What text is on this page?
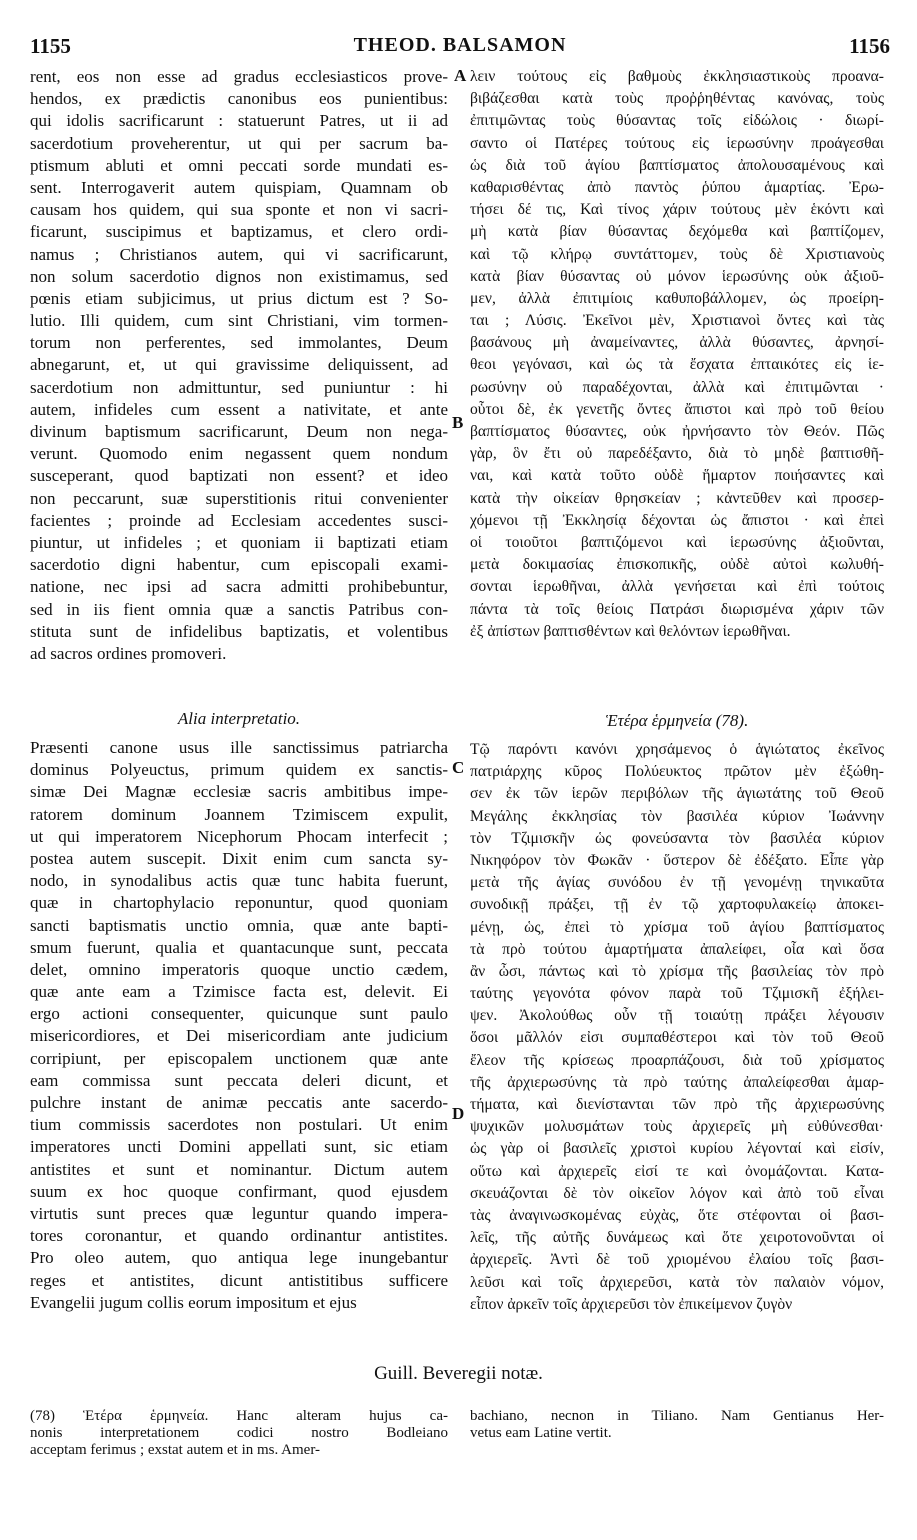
1155	THEOD. BALSAMON	1156
rent, eos non esse ad gradus ecclesiasticos prove-
hendos, ex prædictis canonibus eos punientibus:
qui idolis sacrificarunt : statuerunt Patres, ut ii ad
sacerdotium proveherentur, ut qui per sacrum ba-
ptismum abluti et omni peccati sorde mundati es-
sent. Interrogaverit autem quispiam, Quamnam ob
causam hos quidem, qui sua sponte et non vi sacri-
ficarunt, suscipimus et baptizamus, et clero ordi-
namus ; Christianos autem, qui vi sacrificarunt,
non solum sacerdotio dignos non existimamus, sed
pœnis etiam subjicimus, ut prius dictum est ? So-
lutio. Illi quidem, cum sint Christiani, vim tormen-
torum non perferentes, sed immolantes, Deum
abnegarunt, et, ut qui gravissime deliquissent, ad
sacerdotium non admittuntur, sed puniuntur : hi
autem, infideles cum essent a nativitate, et ante
divinum baptismum sacrificarunt, Deum non nega-
verunt. Quomodo enim negassent quem nondum
susceperant, quod baptizati non essent? et ideo
non peccarunt, suæ superstitionis ritui convenienter
facientes ; proinde ad Ecclesiam accedentes susci-
piuntur, ut infideles ; et quoniam ii baptizati etiam
sacerdotio digni habentur, cum episcopali exami-
natione, nec ipsi ad sacra admitti prohibebuntur,
sed in iis fient omnia quæ a sanctis Patribus con-
stituta sunt de infidelibus baptizatis, et volentibus
ad sacros ordines promoveri.
Alia interpretatio.
Præsenti canone usus ille sanctissimus patriarcha
dominus Polyeuctus, primum quidem ex sanctis-
simæ Dei Magnæ ecclesiæ sacris ambitibus impe-
ratorem dominum Joannem Tzimiscem expulit,
ut qui imperatorem Nicephorum Phocam interfecit ;
postea autem suscepit. Dixit enim cum sancta sy-
nodo, in synodalibus actis quæ tunc habita fuerunt,
quæ in chartophylacio reponuntur, quod quoniam
sancti baptismatis unctio omnia, quæ ante bapti-
smum fuerunt, qualia et quantacunque sunt, peccata
delet, omnino imperatoris quoque unctio cædem,
quæ ante eam a Tzimisce facta est, delevit. Ei
ergo actioni consequenter, quicunque sunt paulo
misericordiores, et Dei misericordiam ante judicium
corripiunt, per episcopalem unctionem quæ ante
eam commissa sunt peccata deleri dicunt, et
pulchre instant de animæ peccatis ante sacerdo-
tium commissis sacerdotes non postulari. Ut enim
imperatores uncti Domini appellati sunt, sic etiam
antistites et sunt et nominantur. Dictum autem
suum ex hoc quoque confirmant, quod ejusdem
virtutis sunt preces quæ leguntur quando impera-
tores coronantur, et quando ordinantur antistites.
Pro oleo autem, quo antiqua lege inungebantur
reges et antistites, dicunt antistitibus sufficere
Evangelii jugum collis eorum impositum et ejus
λειν τούτους εἰς βαθμοὺς ἐκκλησιαστικοὺς προανα-
βιβάζεσθαι κατὰ τοὺς προῤῥηθέντας κανόνας, τοὺς
ἐπιτιμῶντας τοὺς θύσαντας τοῖς εἰδώλοις · διωρί-
σαντο οἱ Πατέρες τούτους εἰς ἱερωσύνην προάγεσθαι
ὡς διὰ τοῦ ἁγίου βαπτίσματος ἀπολουσαμένους καὶ
καθαρισθέντας ἀπὸ παντὸς ῥύπου ἁμαρτίας. Ἐρω-
τήσει δέ τις, Καὶ τίνος χάριν τούτους μὲν ἑκόντι καὶ
μὴ κατὰ βίαν θύσαντας δεχόμεθα καὶ βαπτίζομεν,
καὶ τῷ κλήρῳ συντάττομεν, τοὺς δὲ Χριστιανοὺς
κατὰ βίαν θύσαντας οὐ μόνον ἱερωσύνης οὐκ ἀξιοῦ-
μεν, ἀλλὰ ἐπιτιμίοις καθυποβάλλομεν, ὡς προείρη-
ται ; Λύσις. Ἐκεῖνοι μὲν, Χριστιανοὶ ὄντες καὶ τὰς
βασάνους μὴ ἀναμείναντες, ἀλλὰ θύσαντες, ἀρνησί-
θεοι γεγόνασι, καὶ ὡς τὰ ἔσχατα ἐπταικότες εἰς ἱε-
ρωσύνην οὐ παραδέχονται, ἀλλὰ καὶ ἐπιτιμῶνται ·
οὗτοι δὲ, ἐκ γενετῆς ὄντες ἄπιστοι καὶ πρὸ τοῦ θείου
βαπτίσματος θύσαντες, οὐκ ἠρνήσαντο τὸν Θεόν. Πῶς
γὰρ, ὃν ἔτι οὐ παρεδέξαντο, διὰ τὸ μηδὲ βαπτισθῆ-
ναι, καὶ κατὰ τοῦτο οὐδὲ ἥμαρτον ποιήσαντες καὶ
κατὰ τὴν οἰκείαν θρησκείαν ; κἀντεῦθεν καὶ προσερ-
χόμενοι τῇ Ἐκκλησίᾳ δέχονται ὡς ἄπιστοι · καὶ ἐπεὶ
οἱ τοιοῦτοι βαπτιζόμενοι καὶ ἱερωσύνης ἀξιοῦνται,
μετὰ δοκιμασίας ἐπισκοπικῆς, οὐδὲ αὐτοὶ κωλυθή-
σονται ἱερωθῆναι, ἀλλὰ γενήσεται καὶ ἐπὶ τούτοις
πάντα τὰ τοῖς θείοις Πατράσι διωρισμένα χάριν τῶν
ἐξ ἀπίστων βαπτισθέντων καὶ θελόντων ἱερωθῆναι.
Ἑτέρα ἑρμηνεία (78).
Τῷ παρόντι κανόνι χρησάμενος ὁ ἁγιώτατος ἐκεῖνος
πατριάρχης κῦρος Πολύευκτος πρῶτον μὲν ἐξώθη-
σεν ἐκ τῶν ἱερῶν περιβόλων τῆς ἁγιωτάτης τοῦ Θεοῦ
Μεγάλης ἐκκλησίας τὸν βασιλέα κύριον Ἰωάννην
τὸν Τζιμισκῆν ὡς φονεύσαντα τὸν βασιλέα κύριον
Νικηφόρον τὸν Φωκᾶν · ὕστερον δὲ ἐδέξατο. Εἶπε γὰρ
μετὰ τῆς ἁγίας συνόδου ἐν τῇ γενομένῃ τηνικαῦτα
συνοδικῇ πράξει, τῇ ἐν τῷ χαρτοφυλακείῳ ἀποκει-
μένῃ, ὡς, ἐπεὶ τὸ χρίσμα τοῦ ἁγίου βαπτίσματος
τὰ πρὸ τούτου ἁμαρτήματα ἀπαλείφει, οἷα καὶ ὅσα
ἂν ὦσι, πάντως καὶ τὸ χρίσμα τῆς βασιλείας τὸν πρὸ
ταύτης γεγονότα φόνον παρὰ τοῦ Τζιμισκῆ ἐξήλει-
ψεν. Ἀκολούθως οὖν τῇ τοιαύτῃ πράξει λέγουσιν
ὅσοι μᾶλλόν εἰσι συμπαθέστεροι καὶ τὸν τοῦ Θεοῦ
ἔλεον τῆς κρίσεως προαρπάζουσι, διὰ τοῦ χρίσματος
τῆς ἀρχιερωσύνης τὰ πρὸ ταύτης ἀπαλείφεσθαι ἁμαρ-
τήματα, καὶ διενίστανται τῶν πρὸ τῆς ἀρχιερωσύνης
ψυχικῶν μολυσμάτων τοὺς ἀρχιερεῖς μὴ εὐθύνεσθαι·
ὡς γὰρ οἱ βασιλεῖς χριστοὶ κυρίου λέγονταί καὶ εἰσίν,
οὕτω καὶ ἀρχιερεῖς εἰσί τε καὶ ὀνομάζονται. Κατα-
σκευάζονται δὲ τὸν οἰκεῖον λόγον καὶ ἀπὸ τοῦ εἶναι
τὰς ἀναγινωσκομένας εὐχὰς, ὅτε στέφονται οἱ βασι-
λεῖς, τῆς αὐτῆς δυνάμεως καὶ ὅτε χειροτονοῦνται οἱ
ἀρχιερεῖς. Ἀντὶ δὲ τοῦ χριομένου ἐλαίου τοῖς βασι-
λεῦσι καὶ τοῖς ἀρχιερεῦσι, κατὰ τὸν παλαιὸν νόμον,
εἶπον ἀρκεῖν τοῖς ἀρχιερεῦσι τὸν ἐπικείμενον ζυγὸν
A
B
C
D
Guill. Beveregii notæ.
(78) Ἑτέρα ἑρμηνεία. Hanc alteram hujus ca-
nonis interpretationem codici nostro Bodleiano
acceptam ferimus ; exstat autem et in ms. Amer-
bachiano, necnon in Tiliano. Nam Gentianus Her-
vetus eam Latine vertit.
